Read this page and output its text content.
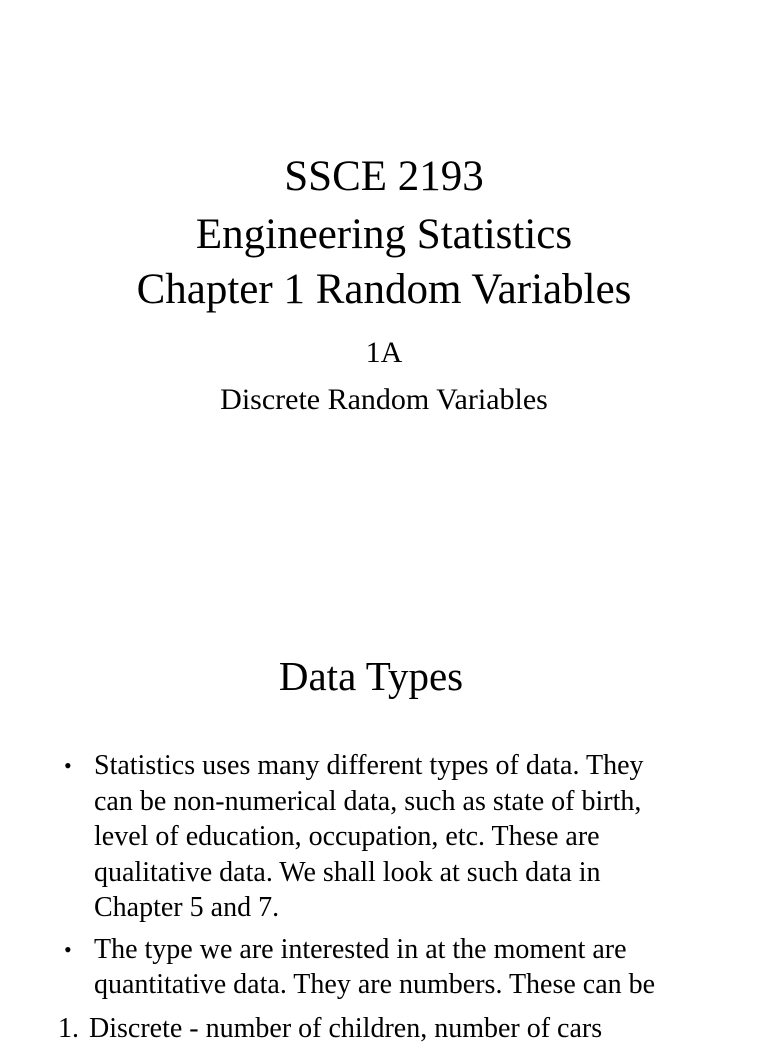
SSCE 2193
Engineering Statistics
Chapter 1 Random Variables
1A
Discrete Random Variables
Data Types
• Statistics uses many different types of data. They
can be non-numerical data, such as state of birth,
level of education, occupation, etc. These are
qualitative data. We shall look at such data in
Chapter 5 and 7.
• The type we are interested in at the moment are
quantitative data. They are numbers. These can be
1. Discrete - number of children, number of cars
